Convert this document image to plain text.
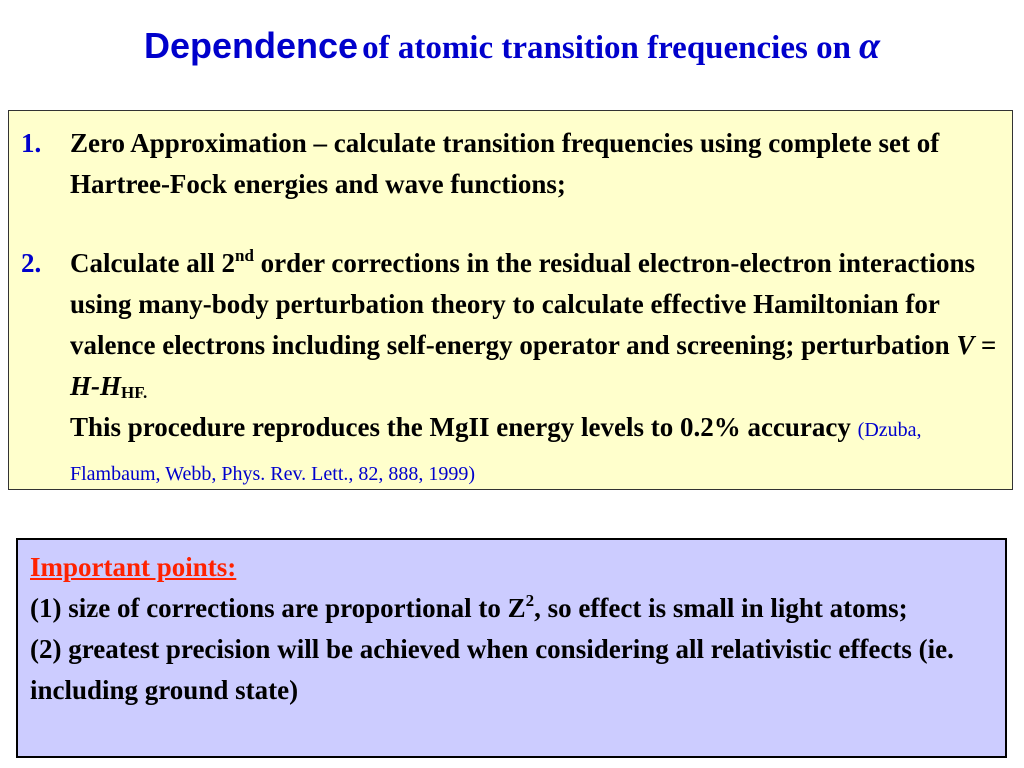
Dependence of atomic transition frequencies on α
1. Zero Approximation – calculate transition frequencies using complete set of Hartree-Fock energies and wave functions;
2. Calculate all 2nd order corrections in the residual electron-electron interactions using many-body perturbation theory to calculate effective Hamiltonian for valence electrons including self-energy operator and screening; perturbation $V = H-H_{HF.}$
This procedure reproduces the MgII energy levels to 0.2% accuracy (Dzuba, Flambaum, Webb, Phys. Rev. Lett., 82, 888, 1999)
Important points:
(1) size of corrections are proportional to $Z^2$, so effect is small in light atoms;
(2) greatest precision will be achieved when considering all relativistic effects (ie. including ground state)
